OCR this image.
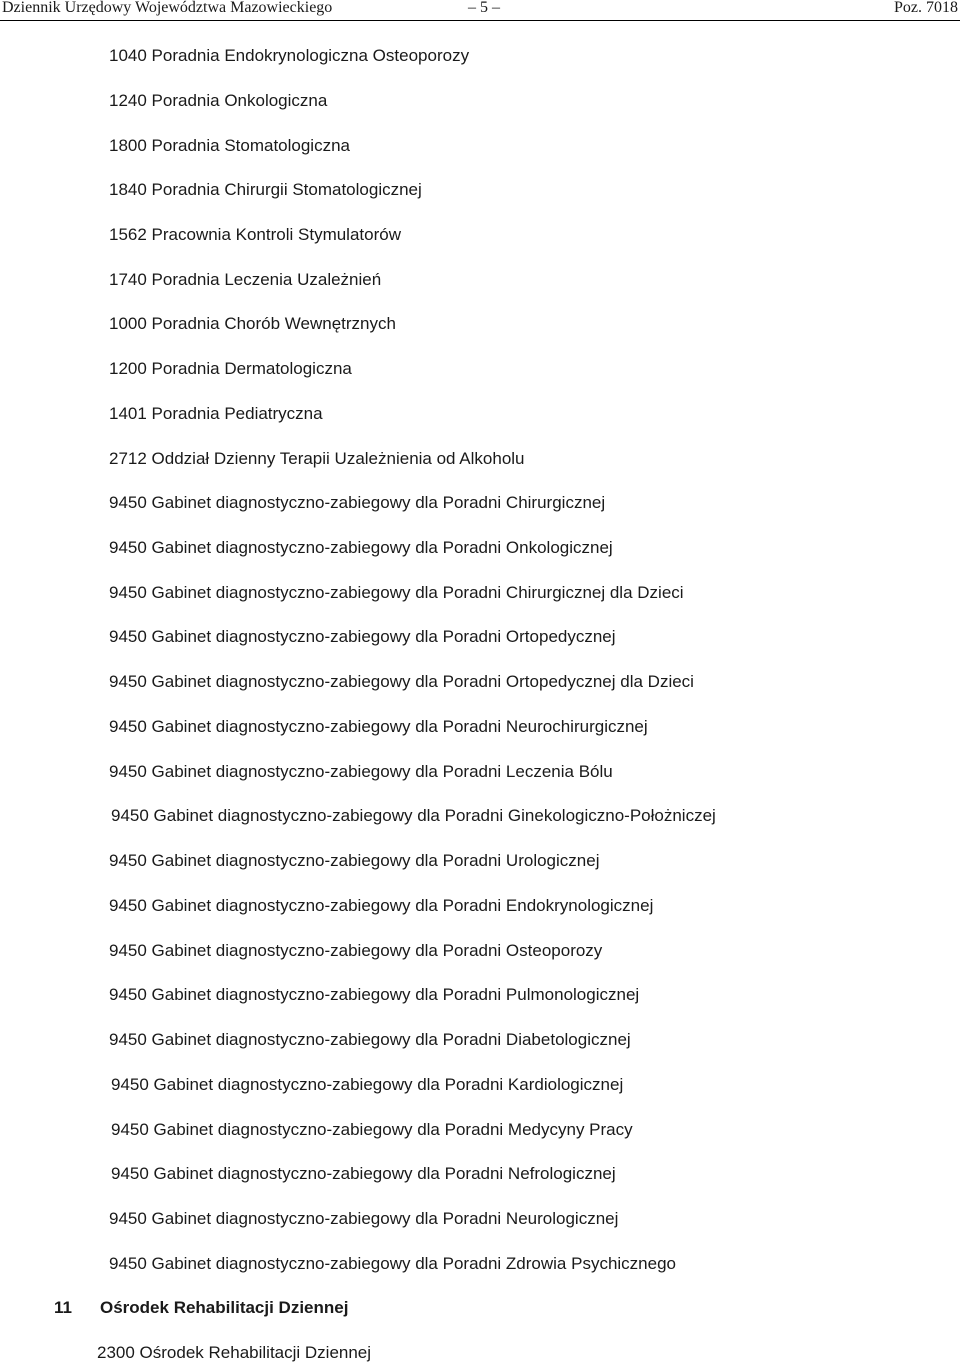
Dziennik Urzędowy Województwa Mazowieckiego	– 5 –	Poz. 7018
1040 Poradnia Endokrynologiczna Osteoporozy
1240 Poradnia Onkologiczna
1800 Poradnia Stomatologiczna
1840 Poradnia Chirurgii Stomatologicznej
1562 Pracownia Kontroli Stymulatorów
1740 Poradnia Leczenia Uzależnień
1000 Poradnia Chorób Wewnętrznych
1200 Poradnia Dermatologiczna
1401 Poradnia Pediatryczna
2712 Oddział Dzienny Terapii Uzależnienia od Alkoholu
9450 Gabinet diagnostyczno-zabiegowy dla Poradni Chirurgicznej
9450 Gabinet diagnostyczno-zabiegowy dla Poradni Onkologicznej
9450 Gabinet diagnostyczno-zabiegowy dla Poradni Chirurgicznej dla Dzieci
9450 Gabinet diagnostyczno-zabiegowy dla Poradni Ortopedycznej
9450 Gabinet diagnostyczno-zabiegowy dla Poradni Ortopedycznej dla Dzieci
9450 Gabinet diagnostyczno-zabiegowy dla Poradni Neurochirurgicznej
9450 Gabinet diagnostyczno-zabiegowy dla Poradni Leczenia Bólu
9450 Gabinet diagnostyczno-zabiegowy dla Poradni Ginekologiczno-Położniczej
9450 Gabinet diagnostyczno-zabiegowy dla Poradni Urologicznej
9450 Gabinet diagnostyczno-zabiegowy dla Poradni Endokrynologicznej
9450 Gabinet diagnostyczno-zabiegowy dla Poradni Osteoporozy
9450 Gabinet diagnostyczno-zabiegowy dla Poradni Pulmonologicznej
9450 Gabinet diagnostyczno-zabiegowy dla Poradni Diabetologicznej
9450 Gabinet diagnostyczno-zabiegowy dla Poradni Kardiologicznej
9450 Gabinet diagnostyczno-zabiegowy dla Poradni Medycyny Pracy
9450 Gabinet diagnostyczno-zabiegowy dla Poradni Nefrologicznej
9450 Gabinet diagnostyczno-zabiegowy dla Poradni Neurologicznej
9450 Gabinet diagnostyczno-zabiegowy dla Poradni Zdrowia Psychicznego
11 Ośrodek Rehabilitacji Dziennej
2300 Ośrodek Rehabilitacji Dziennej
